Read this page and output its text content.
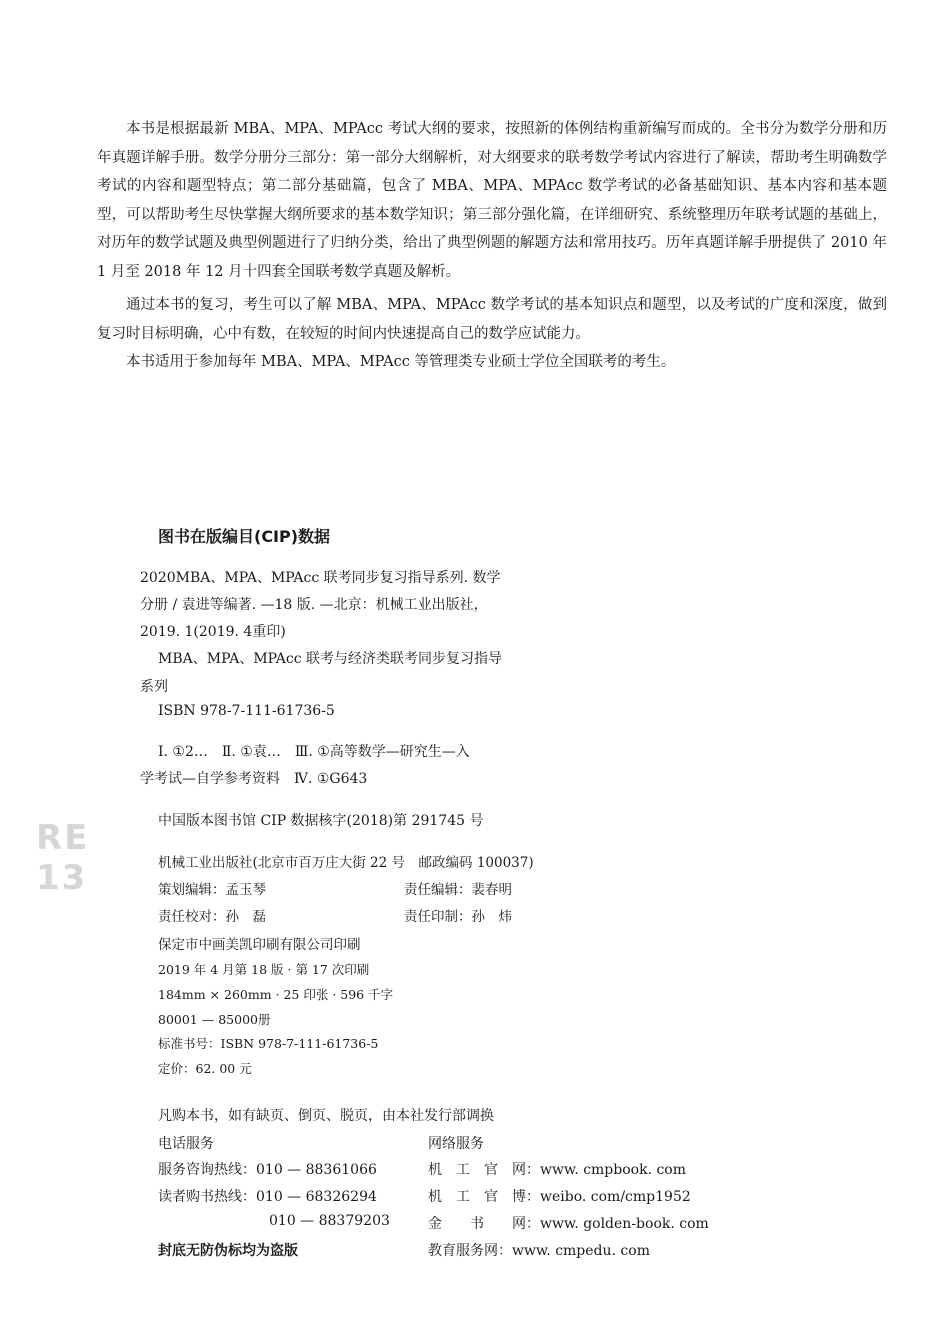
本书是根据最新 MBA、MPA、MPAcc 考试大纲的要求，按照新的体例结构重新编写而成的。全书分为数学分册和历年真题详解手册。数学分册分三部分：第一部分大纲解析，对大纲要求的联考数学考试内容进行了解读，帮助考生明确数学考试的内容和题型特点；第二部分基础篇，包含了 MBA、MPA、MPAcc 数学考试的必备基础知识、基本内容和基本题型，可以帮助考生尽快掌握大纲所要求的基本数学知识；第三部分强化篇，在详细研究、系统整理历年联考试题的基础上，对历年的数学试题及典型例题进行了归纳分类，给出了典型例题的解题方法和常用技巧。历年真题详解手册提供了 2010 年 1 月至 2018 年 12 月十四套全国联考数学真题及解析。

通过本书的复习，考生可以了解 MBA、MPA、MPAcc 数学考试的基本知识点和题型，以及考试的广度和深度，做到复习时目标明确，心中有数，在较短的时间内快速提高自己的数学应试能力。

本书适用于参加每年 MBA、MPA、MPAcc 等管理类专业硕士学位全国联考的考生。

图书在版编目(CIP)数据
2020MBA、MPA、MPAcc 联考同步复习指导系列. 数学
分册 / 袁进等编著. —18 版. —北京：机械工业出版社，
2019. 1(2019. 4重印)
MBA、MPA、MPAcc 联考与经济类联考同步复习指导
系列
ISBN 978-7-111-61736-5
Ⅰ. ①2…　Ⅱ. ①袁…　Ⅲ. ①高等数学—研究生—入
学考试—自学参考资料　Ⅳ. ①G643
RE 13
中国版本图书馆 CIP 数据核字(2018)第 291745 号
机械工业出版社(北京市百万庄大街 22 号　邮政编码 100037)
策划编辑：孟玉琴	责任编辑：裴春明
责任校对：孙　磊	责任印制：孙　炜
保定市中画美凯印刷有限公司印刷
2019 年 4 月第 18 版 · 第 17 次印刷
184mm × 260mm · 25 印张 · 596 千字
80001 — 85000册
标准书号：ISBN 978-7-111-61736-5
定价：62. 00 元
凡购本书，如有缺页、倒页、脱页，由本社发行部调换
电话服务	网络服务
服务咨询热线：010 — 88361066	机　工　官　网：www. cmpbook. com
读者购书热线：010 — 68326294	机　工　官　博：weibo. com/cmp1952
010 — 88379203	金　　书　　网：www. golden-book. com
封底无防伪标均为盗版	教育服务网：www. cmpedu. com
